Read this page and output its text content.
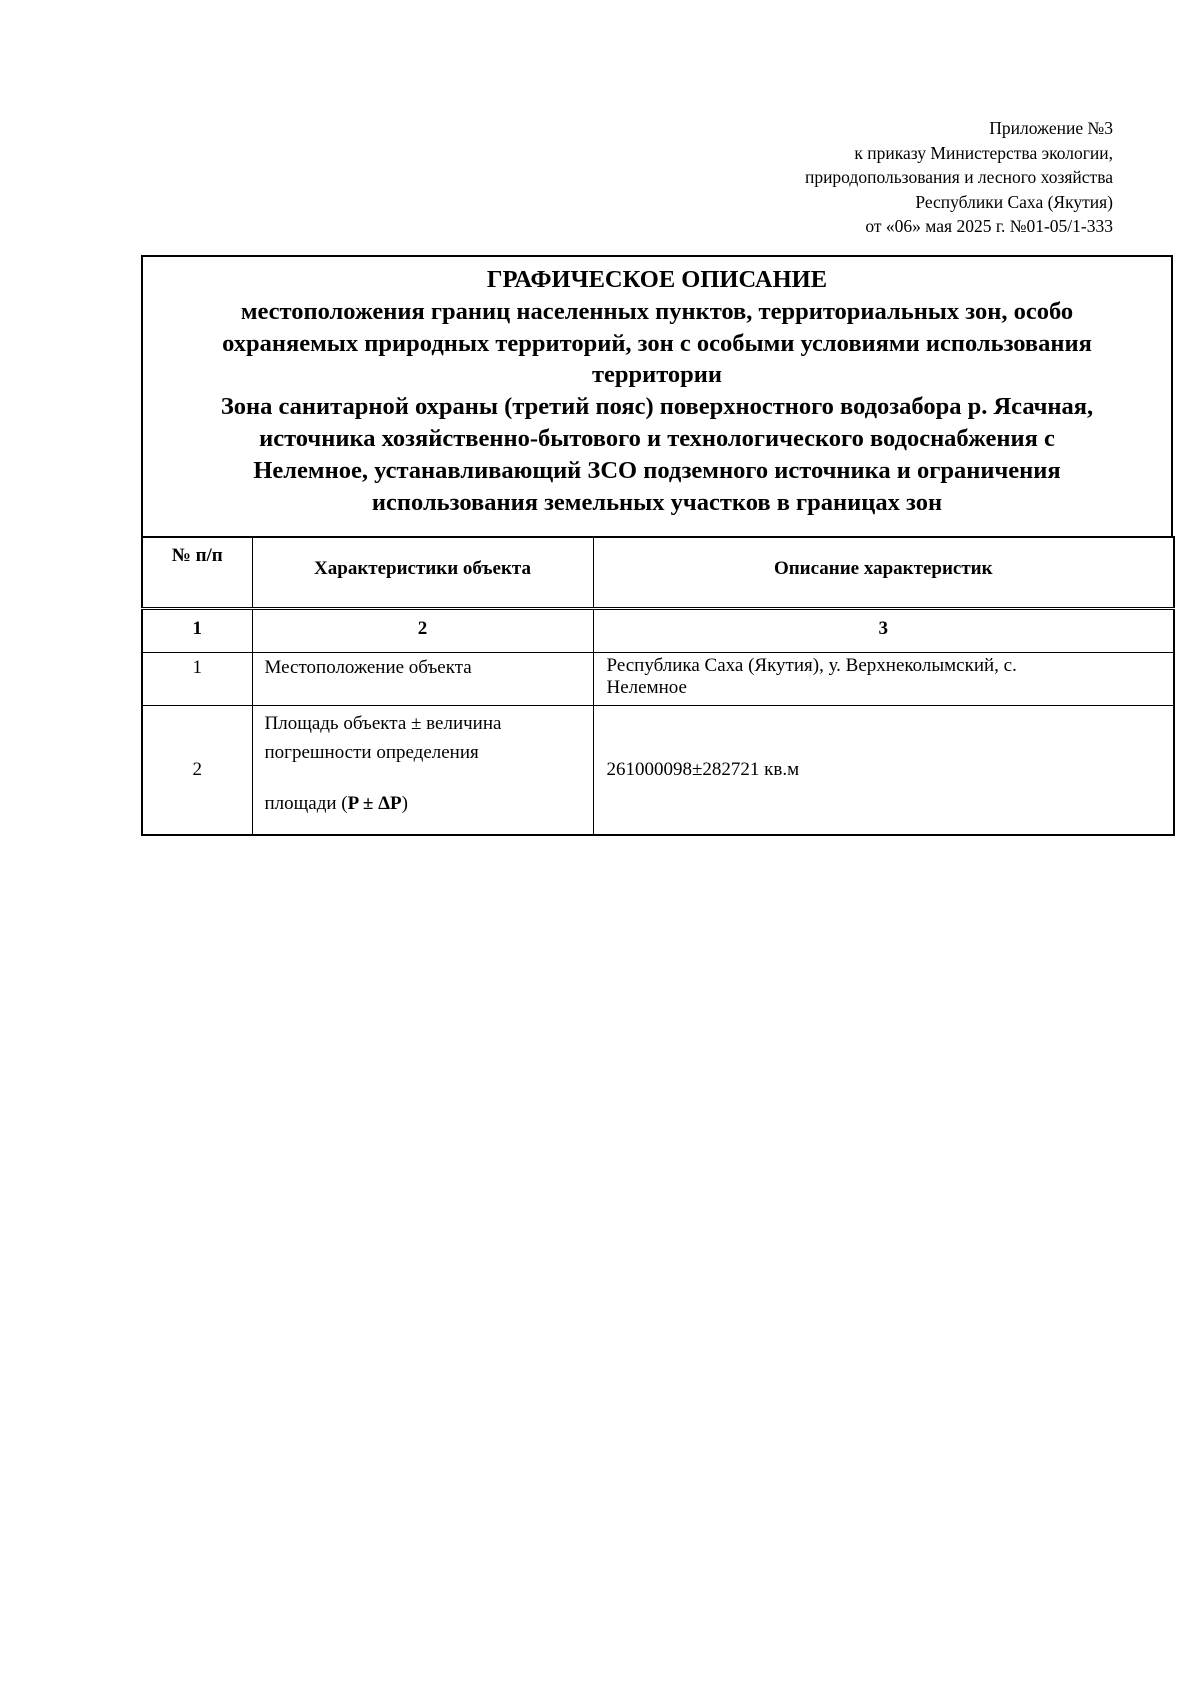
Приложение №3
к приказу Министерства экологии,
природопользования и лесного хозяйства
Республики Саха (Якутия)
от «06» мая 2025 г. №01-05/1-333
ГРАФИЧЕСКОЕ ОПИСАНИЕ
местоположения границ населенных пунктов, территориальных зон, особо
охраняемых природных территорий, зон с особыми условиями использования
территории
Зона санитарной охраны (третий пояс) поверхностного водозабора р. Ясачная,
источника хозяйственно-бытового и технологического водоснабжения с
Нелемное, устанавливающий ЗСО подземного источника и ограничения
использования земельных участков в границах зон
№ п/п	Характеристики объекта	Описание характеристик
1	2	3
1	Местоположение объекта	Республика Саха (Якутия), у. Верхнеколымский, с.
Нелемное

2	Площадь объекта ± величина
погрешности определения
площади (P ± ΔP)	261000098±282721 кв.м
